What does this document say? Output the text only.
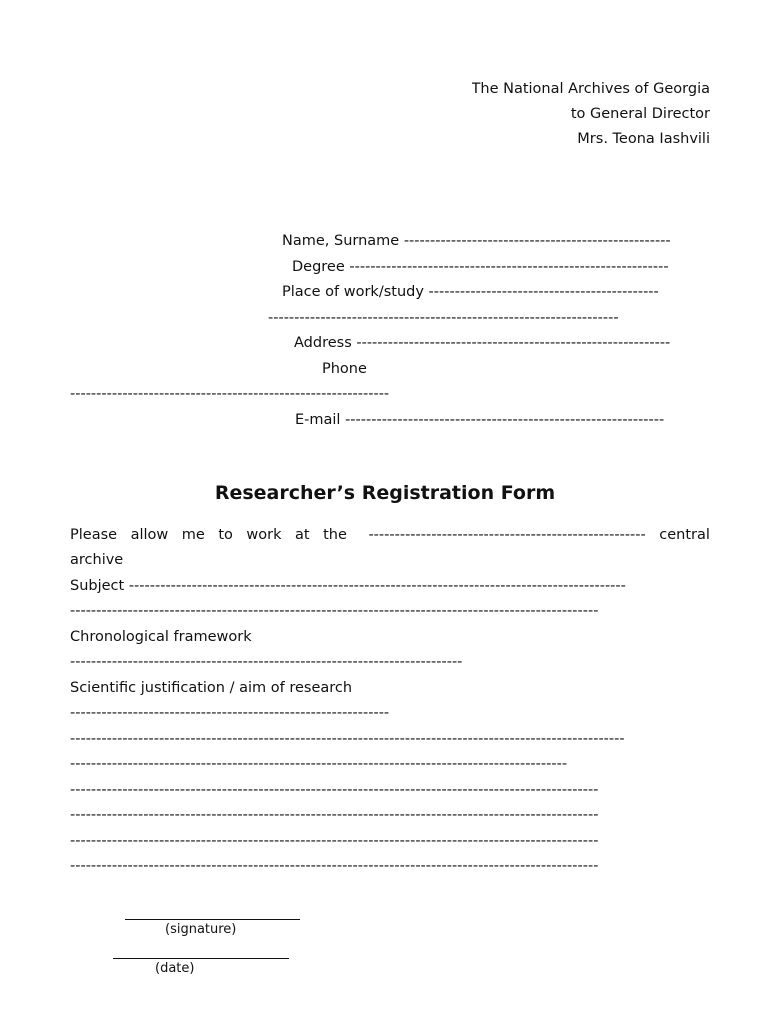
The National Archives of Georgia
to General Director
Mrs. Teona Iashvili
Name, Surname ---------------------------------------------------
Degree -------------------------------------------------------------
Place of work/study --------------------------------------------
-------------------------------------------------------------------
Address ------------------------------------------------------------
Phone
-------------------------------------------------------------
E-mail -------------------------------------------------------------
Researcher’s Registration Form
Please allow me to work at the ----------------------------------------------------- central
archive
Subject -----------------------------------------------------------------------------------------------
-----------------------------------------------------------------------------------------------------
Chronological framework
---------------------------------------------------------------------------
Scientific justification / aim of research
-------------------------------------------------------------
----------------------------------------------------------------------------------------------------------
-----------------------------------------------------------------------------------------------
-----------------------------------------------------------------------------------------------------
-----------------------------------------------------------------------------------------------------
-----------------------------------------------------------------------------------------------------
-----------------------------------------------------------------------------------------------------
(signature)
(date)
